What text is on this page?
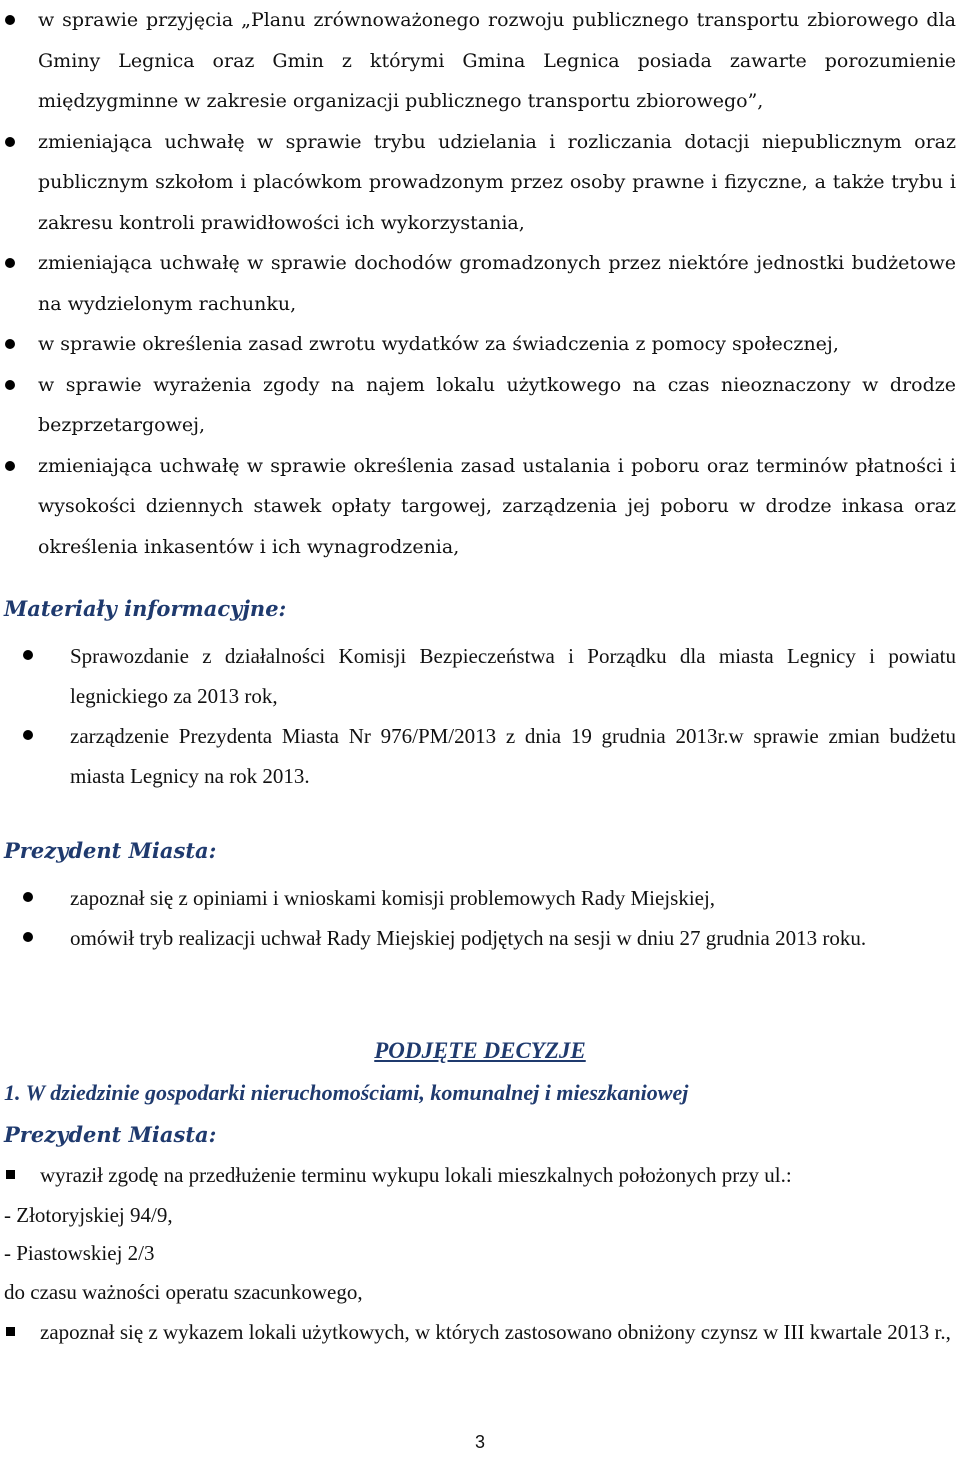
w sprawie przyjęcia „Planu zrównoważonego rozwoju publicznego transportu zbiorowego dla Gminy Legnica oraz Gmin z którymi Gmina Legnica posiada zawarte porozumienie międzygminne w zakresie organizacji publicznego transportu zbiorowego”,
zmieniająca uchwałę w sprawie trybu udzielania i rozliczania dotacji niepublicznym oraz publicznym szkołom i placówkom prowadzonym przez osoby prawne i fizyczne, a także trybu i zakresu kontroli prawidłowości ich wykorzystania,
zmieniająca uchwałę w sprawie dochodów gromadzonych przez niektóre jednostki budżetowe na wydzielonym rachunku,
w sprawie określenia zasad zwrotu wydatków za świadczenia z pomocy społecznej,
w sprawie wyrażenia zgody na najem lokalu użytkowego na czas nieoznaczony w drodze bezprzetargowej,
zmieniająca uchwałę w sprawie określenia zasad ustalania i poboru oraz terminów płatności i wysokości dziennych stawek opłaty targowej, zarządzenia jej poboru w drodze inkasa oraz określenia inkasentów i ich wynagrodzenia,
Materiały informacyjne:
Sprawozdanie z działalności Komisji Bezpieczeństwa i Porządku dla miasta Legnicy i powiatu legnickiego za 2013 rok,
zarządzenie Prezydenta Miasta Nr 976/PM/2013 z dnia 19 grudnia 2013r.w sprawie zmian budżetu miasta Legnicy na rok 2013.
Prezydent Miasta:
zapoznał się z opiniami i wnioskami komisji problemowych Rady Miejskiej,
omówił tryb realizacji uchwał Rady Miejskiej podjętych na sesji w dniu 27 grudnia 2013 roku.
PODJĘTE DECYZJE
1. W dziedzinie gospodarki nieruchomościami, komunalnej i mieszkaniowej
Prezydent Miasta:
wyraził zgodę na przedłużenie terminu wykupu lokali mieszkalnych położonych przy ul.:
- Złotoryjskiej 94/9,
- Piastowskiej 2/3
do czasu ważności operatu szacunkowego,
zapoznał się z wykazem lokali użytkowych, w których zastosowano obniżony czynsz w III kwartale 2013 r.,
3
